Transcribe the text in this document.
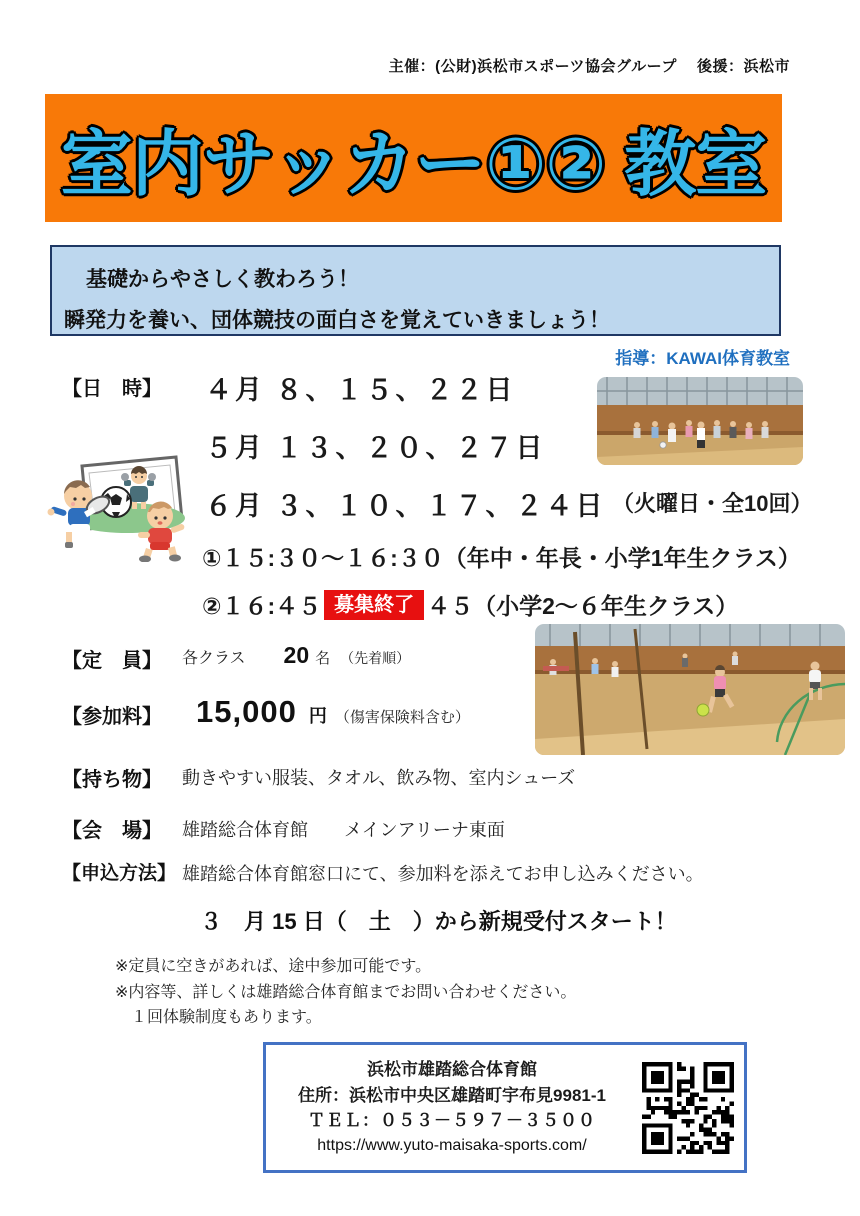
主催：(公財)浜松市スポーツ協会グループ　 後援：浜松市
室内サッカー①② 教室
基礎からやさしく教わろう！
瞬発力を養い、団体競技の面白さを覚えていきましょう！
指導：KAWAI体育教室
【日　時】 ４月 ８、１５、２２日
５月 １３、２０、２７日
６月 ３、１０、１７、２４日 （火曜日・全10回）
①１５:３０～１６:３０（年中・年長・小学1年生クラス）
②１６:４５ 募集終了 ４５（小学2～６年生クラス）
【定　員】 各クラス 20 名 （先着順）
【参加料】 15,000 円 （傷害保険料含む）
【持ち物】 動きやすい服装、タオル、飲み物、室内シューズ
【会　場】 雄踏総合体育館　　メインアリーナ東面
【申込方法】 雄踏総合体育館窓口にて、参加料を添えてお申し込みください。
３　月 15 日（　土　）から新規受付スタート！
※定員に空きがあれば、途中参加可能です。
※内容等、詳しくは雄踏総合体育館までお問い合わせください。
１回体験制度もあります。
浜松市雄踏総合体育館
住所：浜松市中央区雄踏町宇布見9981-1
ＴＥＬ：０５３－５９７－３５００
https://www.yuto-maisaka-sports.com/
